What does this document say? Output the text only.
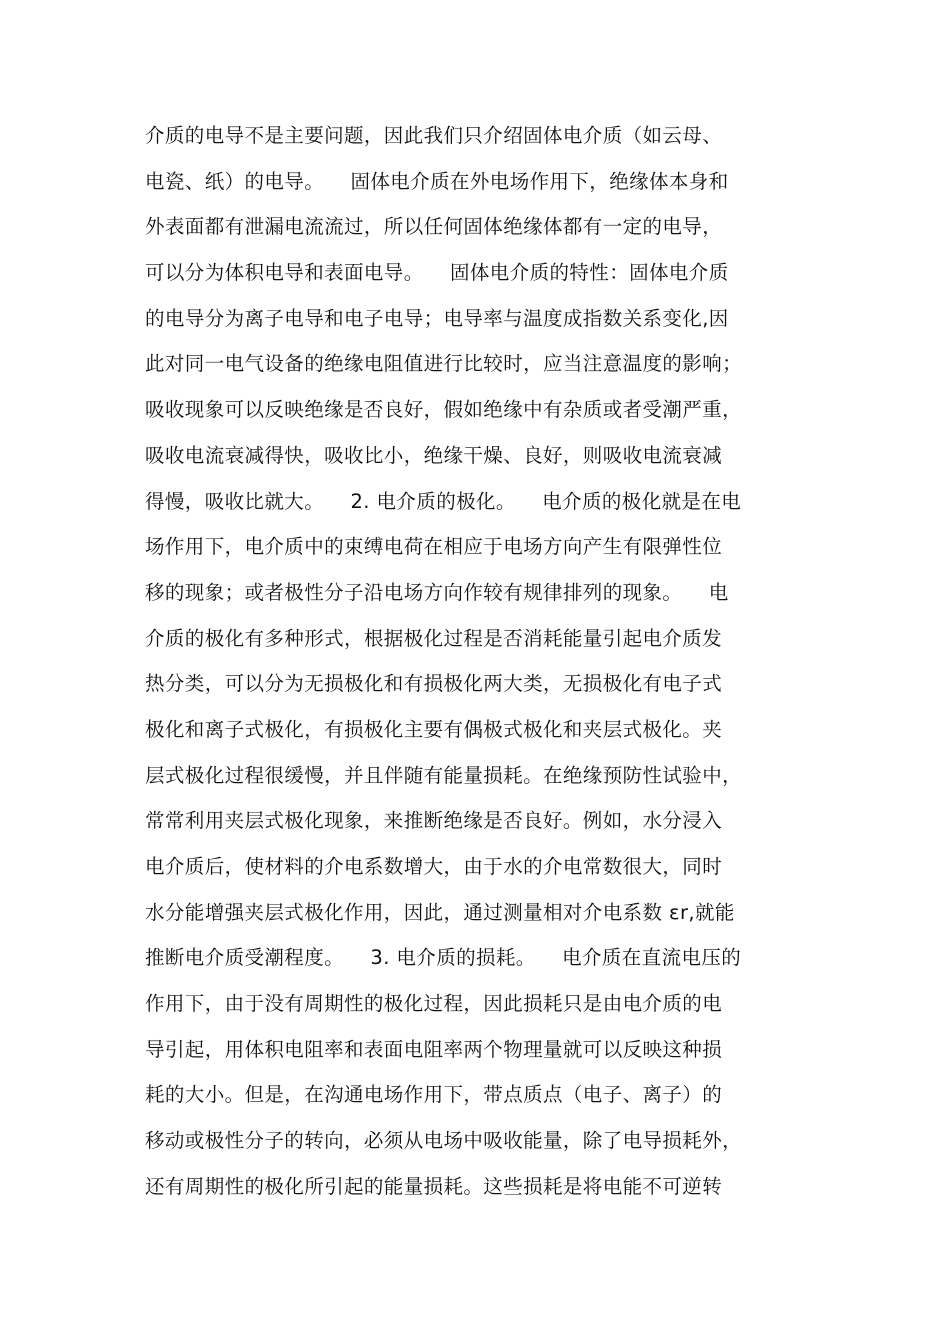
介质的电导不是主要问题，因此我们只介绍固体电介质（如云母、
电瓷、纸）的电导。    固体电介质在外电场作用下，绝缘体本身和
外表面都有泄漏电流流过，所以任何固体绝缘体都有一定的电导，
可以分为体积电导和表面电导。    固体电介质的特性：固体电介质
的电导分为离子电导和电子电导；电导率与温度成指数关系变化,因
此对同一电气设备的绝缘电阻值进行比较时，应当注意温度的影响；
吸收现象可以反映绝缘是否良好，假如绝缘中有杂质或者受潮严重，
吸收电流衰减得快，吸收比小，绝缘干燥、良好，则吸收电流衰减
得慢，吸收比就大。    2. 电介质的极化。    电介质的极化就是在电
场作用下，电介质中的束缚电荷在相应于电场方向产生有限弹性位
移的现象；或者极性分子沿电场方向作较有规律排列的现象。    电
介质的极化有多种形式，根据极化过程是否消耗能量引起电介质发
热分类，可以分为无损极化和有损极化两大类，无损极化有电子式
极化和离子式极化，有损极化主要有偶极式极化和夹层式极化。夹
层式极化过程很缓慢，并且伴随有能量损耗。在绝缘预防性试验中，
常常利用夹层式极化现象，来推断绝缘是否良好。例如，水分浸入
电介质后，使材料的介电系数增大，由于水的介电常数很大，同时
水分能增强夹层式极化作用，因此，通过测量相对介电系数 εr,就能
推断电介质受潮程度。    3. 电介质的损耗。    电介质在直流电压的
作用下，由于没有周期性的极化过程，因此损耗只是由电介质的电
导引起，用体积电阻率和表面电阻率两个物理量就可以反映这种损
耗的大小。但是，在沟通电场作用下，带点质点（电子、离子）的
移动或极性分子的转向，必须从电场中吸收能量，除了电导损耗外，
还有周期性的极化所引起的能量损耗。这些损耗是将电能不可逆转
